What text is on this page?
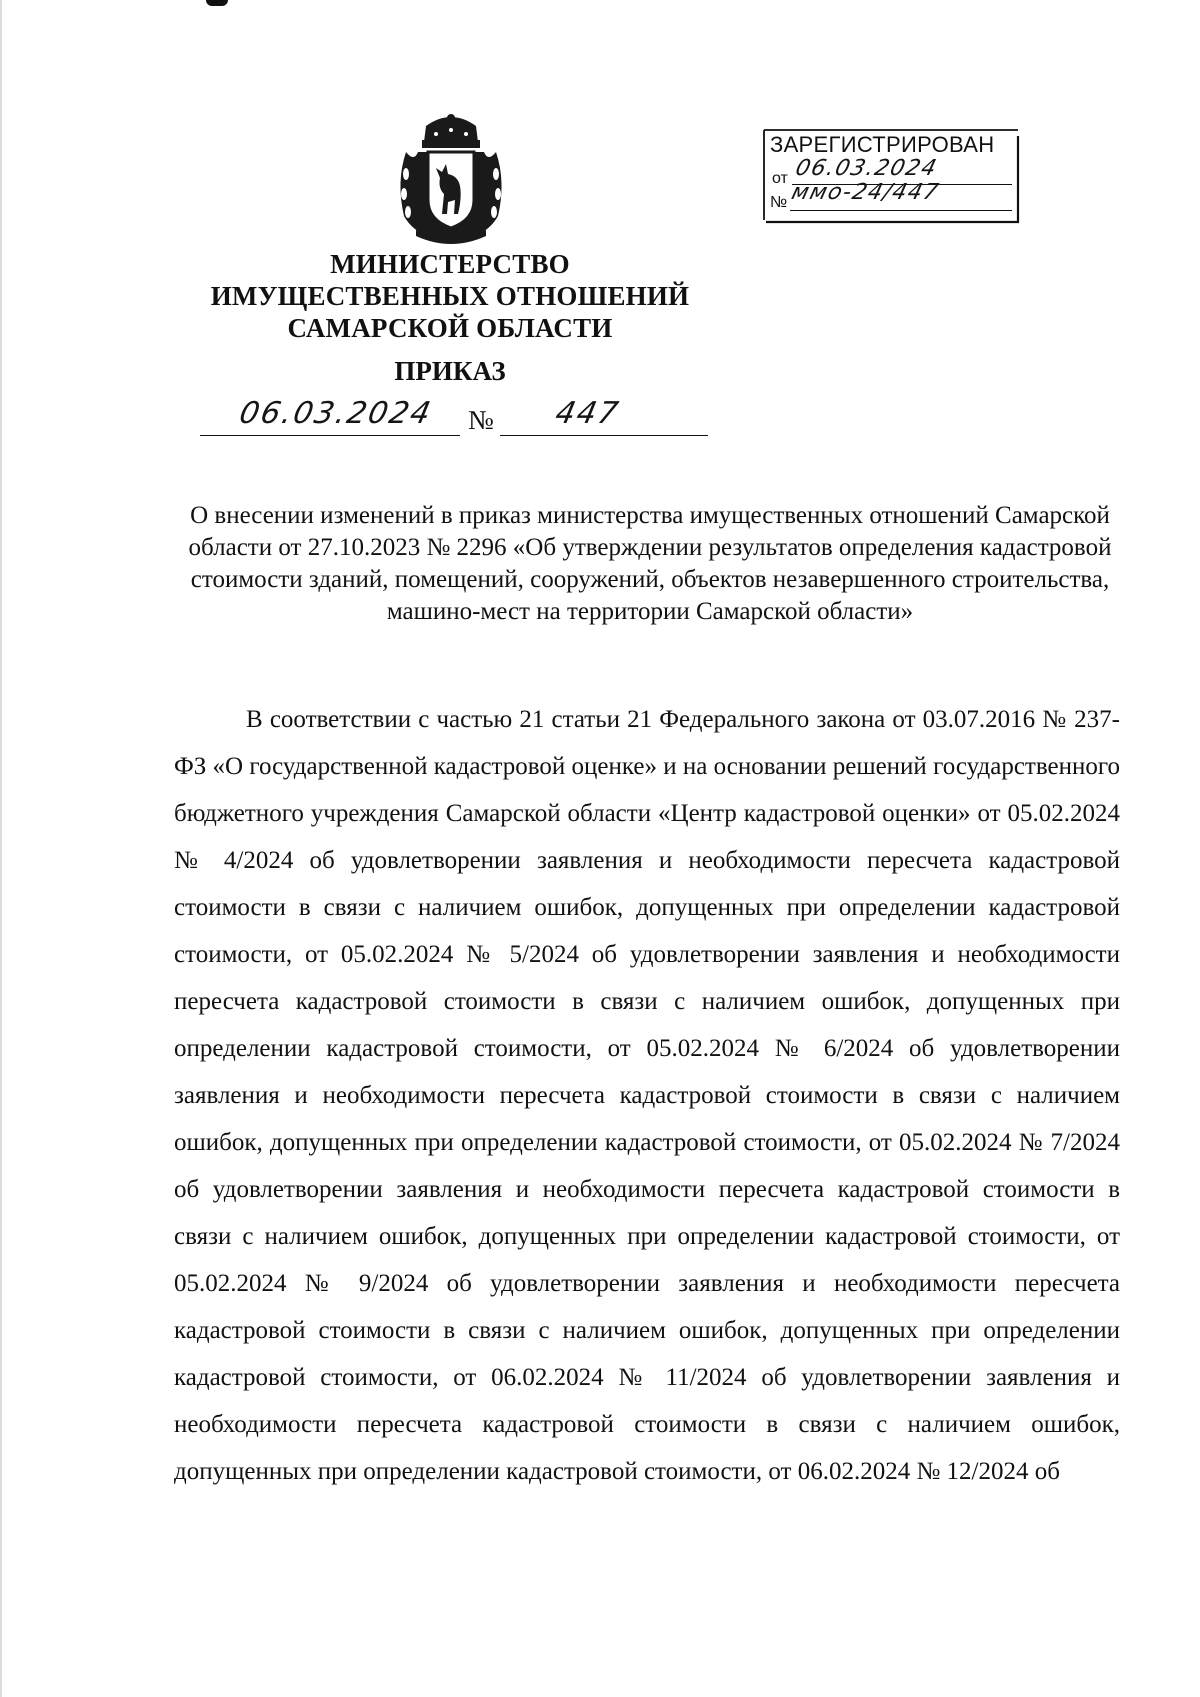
ЗАРЕГИСТРИРОВАН
от 06.03.2024
№ ммо-24/447
МИНИСТЕРСТВО
ИМУЩЕСТВЕННЫХ ОТНОШЕНИЙ
САМАРСКОЙ ОБЛАСТИ
ПРИКАЗ
06.03.2024 № 447
О внесении изменений в приказ министерства имущественных отношений Самарской области от 27.10.2023 № 2296 «Об утверждении результатов определения кадастровой стоимости зданий, помещений, сооружений, объектов незавершенного строительства, машино-мест на территории Самарской области»

В соответствии с частью 21 статьи 21 Федерального закона от 03.07.2016 № 237-ФЗ «О государственной кадастровой оценке» и на основании решений государственного бюджетного учреждения Самарской области «Центр кадастровой оценки» от 05.02.2024 № 4/2024 об удовлетворении заявления и необходимости пересчета кадастровой стоимости в связи с наличием ошибок, допущенных при определении кадастровой стоимости, от 05.02.2024 № 5/2024 об удовлетворении заявления и необходимости пересчета кадастровой стоимости в связи с наличием ошибок, допущенных при определении кадастровой стоимости, от 05.02.2024 № 6/2024 об удовлетворении заявления и необходимости пересчета кадастровой стоимости в связи с наличием ошибок, допущенных при определении кадастровой стоимости, от 05.02.2024 № 7/2024 об удовлетворении заявления и необходимости пересчета кадастровой стоимости в связи с наличием ошибок, допущенных при определении кадастровой стоимости, от 05.02.2024 № 9/2024 об удовлетворении заявления и необходимости пересчета кадастровой стоимости в связи с наличием ошибок, допущенных при определении кадастровой стоимости, от 06.02.2024 № 11/2024 об удовлетворении заявления и необходимости пересчета кадастровой стоимости в связи с наличием ошибок, допущенных при определении кадастровой стоимости, от 06.02.2024 № 12/2024 об
